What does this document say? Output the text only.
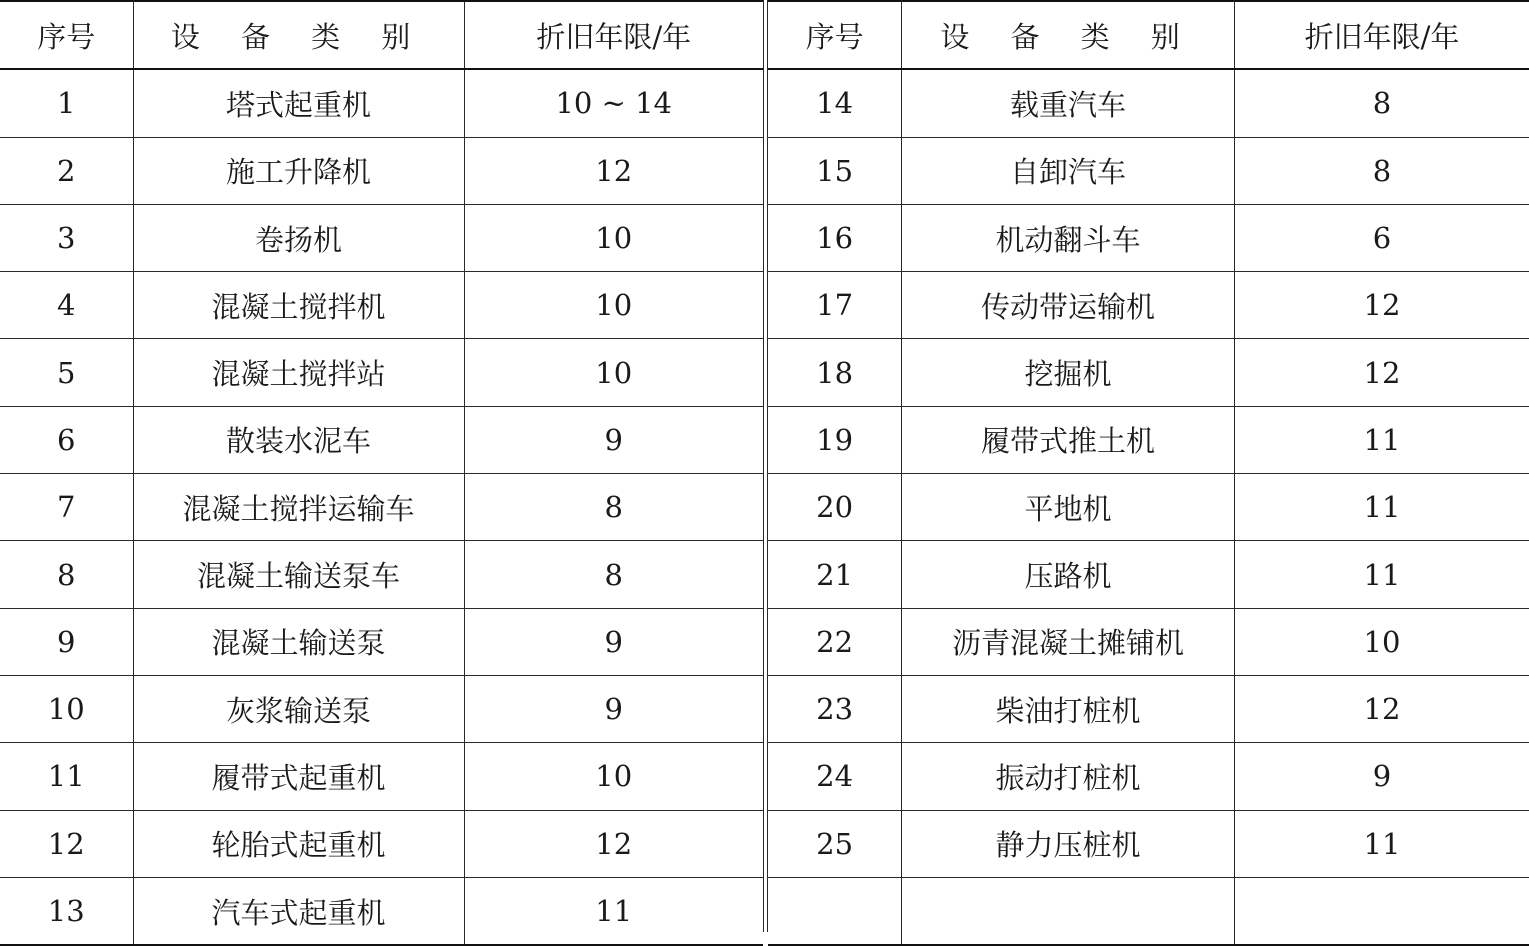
序号	设 备 类 别	折旧年限/年
1	塔式起重机	10 ~ 14
2	施工升降机	12
3	卷扬机	10
4	混凝土搅拌机	10
5	混凝土搅拌站	10
6	散装水泥车	9
7	混凝土搅拌运输车	8
8	混凝土输送泵车	8
9	混凝土输送泵	9
10	灰浆输送泵	9
11	履带式起重机	10
12	轮胎式起重机	12
13	汽车式起重机	11
序号	设 备 类 别	折旧年限/年
14	载重汽车	8
15	自卸汽车	8
16	机动翻斗车	6
17	传动带运输机	12
18	挖掘机	12
19	履带式推土机	11
20	平地机	11
21	压路机	11
22	沥青混凝土摊铺机	10
23	柴油打桩机	12
24	振动打桩机	9
25	静力压桩机	11
